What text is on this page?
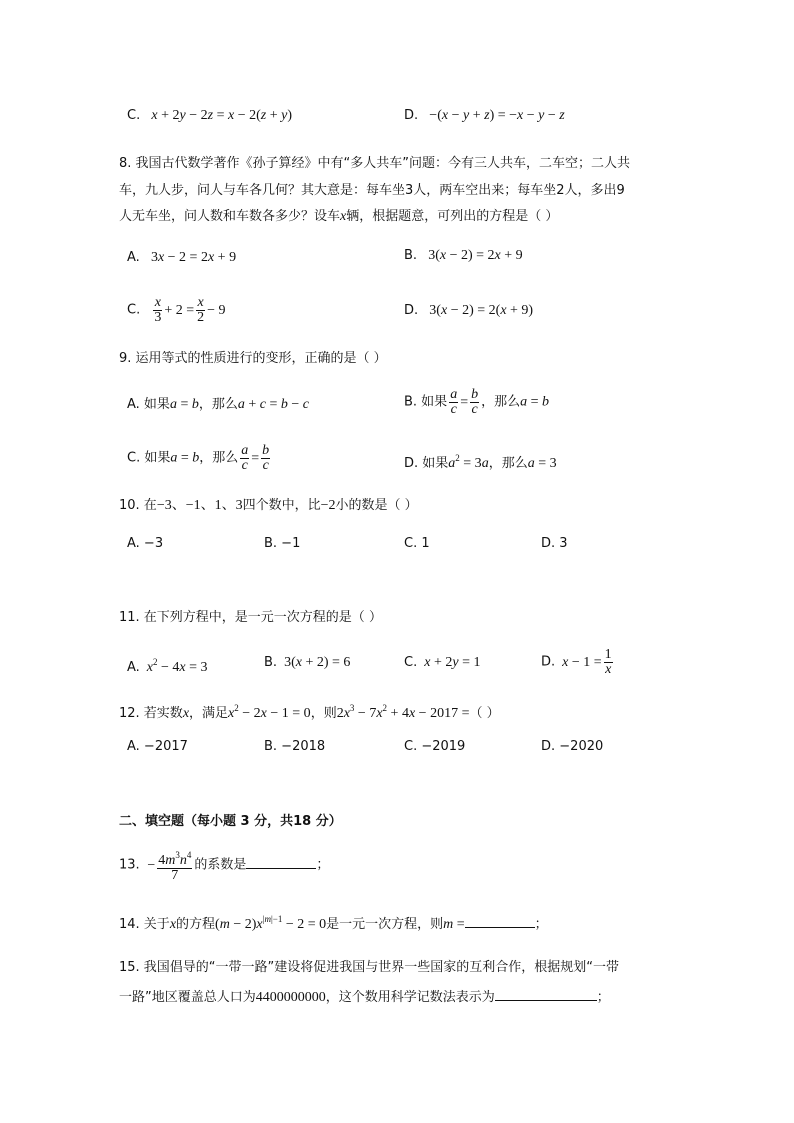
C. x + 2y − 2z = x − 2(z + y)	D.   −(x − y + z) = −x − y − z
8. 我国古代数学著作《孙子算经》中有“多人共车”问题：今有三人共车，二车空；二人共
车，九人步，问人与车各几何？其大意是：每车坐3人，两车空出来；每车坐2人，多出9
人无车坐，问人数和车数各多少？设车x辆，根据题意，可列出的方程是（ ）
A.   3x − 2 = 2x + 9	B.   3(x − 2) = 2x + 9
C. $\frac{x}{3} + 2 = \frac{x}{2} - 9$	D.   3(x − 2) = 2(x + 9)
9. 运用等式的性质进行的变形，正确的是（ ）
A. 如果a = b，那么a + c = b − c	B. 如果 $\frac{a}{c} = \frac{b}{c}$ ，那么a = b
C. 如果a = b，那么 $\frac{a}{c} = \frac{b}{c}$	D. 如果$a^2 = 3a$，那么a = 3
10. 在−3、−1、1、3四个数中，比−2小的数是（ ）
A. −3	B. −1	C. 1	D. 3
11. 在下列方程中，是一元一次方程的是（ ）
A. $x^2 - 4x = 3$	B.  3(x + 2) = 6	C. x + 2y = 1	D. $x - 1 = \frac{1}{x}$
12. 若实数x，满足$x^2 - 2x - 1 = 0$，则$2x^3 - 7x^2 + 4x - 2017$ =（ ）
A. −2017	B. −2018	C. −2019	D. −2020
二、填空题（每小题 3 分，共18 分）
13.  − $\frac{4m^3n^4}{7}$ 的系数是	；
14. 关于x的方程$(m - 2)x^{|m|-1} - 2 = 0$是一元一次方程，则m =	；
15. 我国倡导的“一带一路”建设将促进我国与世界一些国家的互利合作，根据规划“一带
一路”地区覆盖总人口为4400000000，这个数用科学记数法表示为	；
